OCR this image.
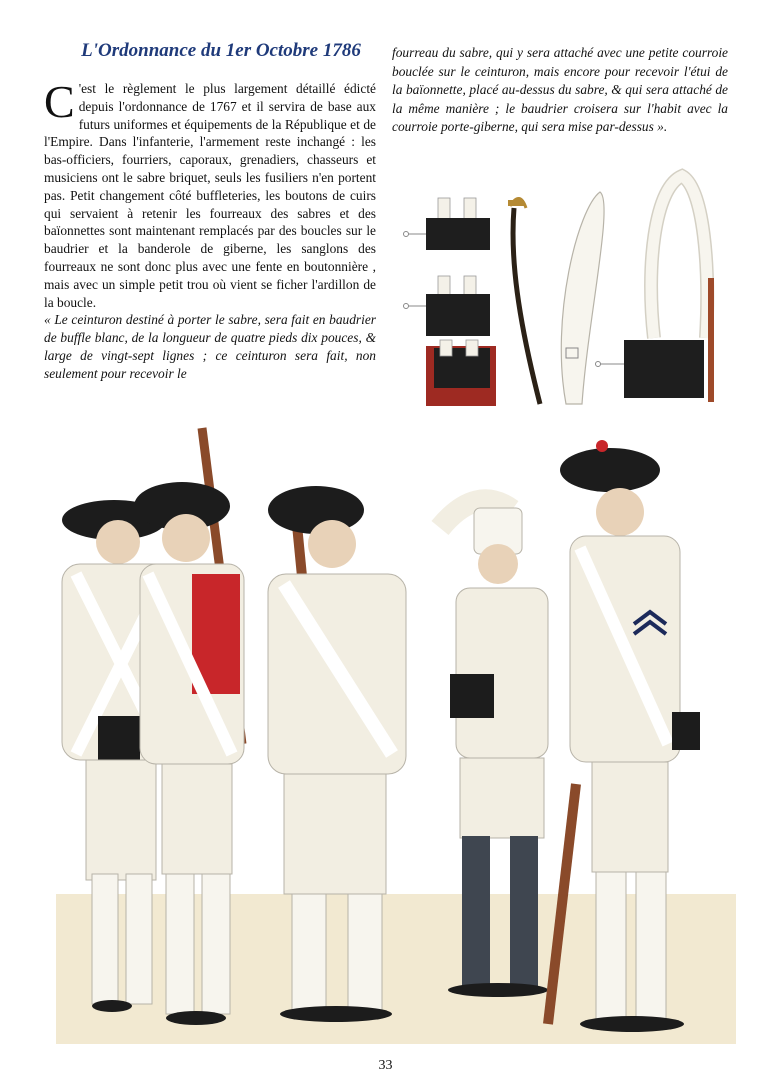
L'Ordonnance du 1er Octobre 1786	fourreau du sabre, qui y sera attaché avec une petite courroie bouclée sur le ceinturon, mais encore pour recevoir l'étui de la baïonnette, placé au-dessus du sabre, & qui sera attaché de la même manière ; le baudrier croisera sur l'habit avec la courroie porte-giberne, qui sera mise par-dessus ».

C 'est le règlement le plus largement détaillé édicté depuis l'ordonnance de 1767 et il servira de base aux futurs uniformes et équipements de la République et de l'Empire. Dans l'infanterie, l'armement reste inchangé : les bas-officiers, fourriers, caporaux, grenadiers, chasseurs et musiciens ont le sabre briquet, seuls les fusiliers n'en portent pas. Petit changement côté buffleteries, les boutons de cuirs qui servaient à retenir les fourreaux des sabres et des baïonnettes sont maintenant remplacés par des boucles sur le baudrier et la banderole de giberne, les sanglons des fourreaux ne sont donc plus avec une fente en boutonnière , mais avec un simple petit trou où vient se ficher l'ardillon de la boucle.

« Le ceinturon destiné à porter le sabre, sera fait en baudrier de buffle blanc, de la longueur de quatre pieds dix pouces, & large de vingt-sept lignes ; ce ceinturon sera fait, non seulement pour recevoir le

33
